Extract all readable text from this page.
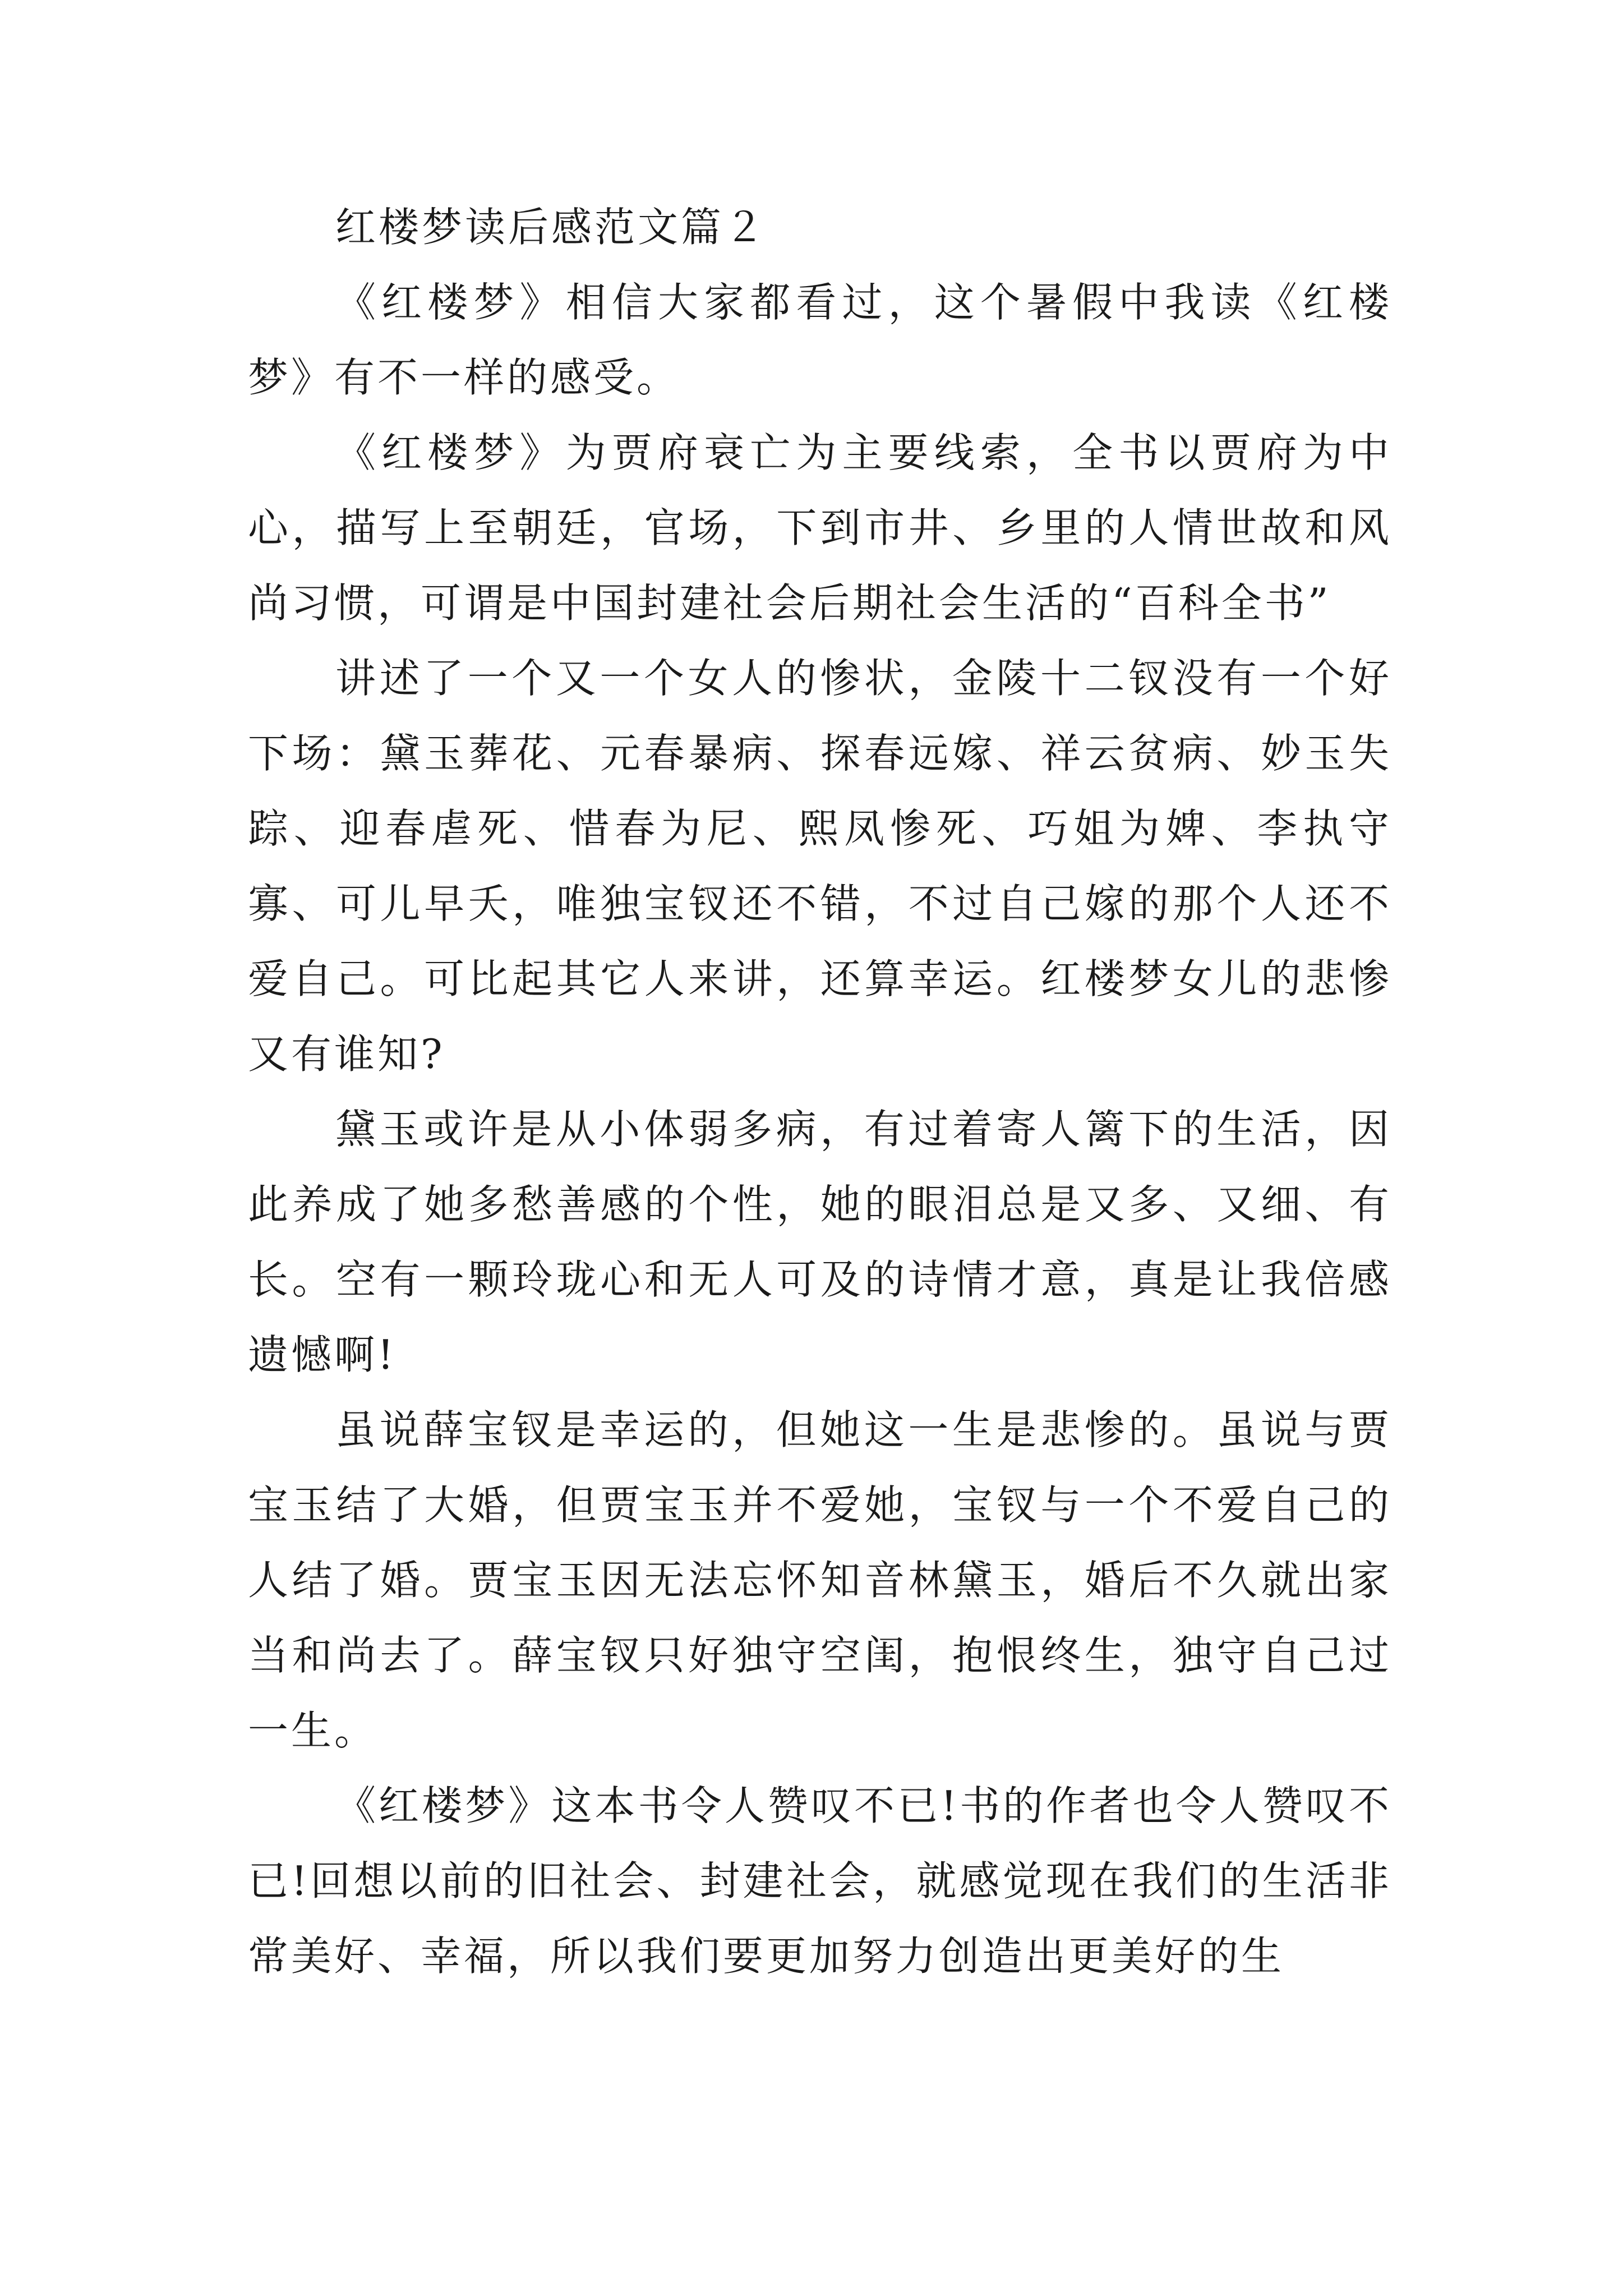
红楼梦读后感范文篇２

《红楼梦》相信大家都看过，这个暑假中我读《红楼梦》有不一样的感受。

《红楼梦》为贾府衰亡为主要线索，全书以贾府为中心，描写上至朝廷，官场，下到市井、乡里的人情世故和风尚习惯，可谓是中国封建社会后期社会生活的“百科全书”

讲述了一个又一个女人的惨状，金陵十二钗没有一个好下场：黛玉葬花、元春暴病、探春远嫁、祥云贫病、妙玉失踪、迎春虐死、惜春为尼、熙凤惨死、巧姐为婢、李执守寡、可儿早夭，唯独宝钗还不错，不过自己嫁的那个人还不爱自己。可比起其它人来讲，还算幸运。红楼梦女儿的悲惨又有谁知?

黛玉或许是从小体弱多病，有过着寄人篱下的生活，因此养成了她多愁善感的个性，她的眼泪总是又多、又细、有长。空有一颗玲珑心和无人可及的诗情才意，真是让我倍感遗憾啊!

虽说薛宝钗是幸运的，但她这一生是悲惨的。虽说与贾宝玉结了大婚，但贾宝玉并不爱她，宝钗与一个不爱自己的人结了婚。贾宝玉因无法忘怀知音林黛玉，婚后不久就出家当和尚去了。薛宝钗只好独守空闺，抱恨终生，独守自己过一生。

《红楼梦》这本书令人赞叹不已!书的作者也令人赞叹不已!回想以前的旧社会、封建社会，就感觉现在我们的生活非常美好、幸福，所以我们要更加努力创造出更美好的生
